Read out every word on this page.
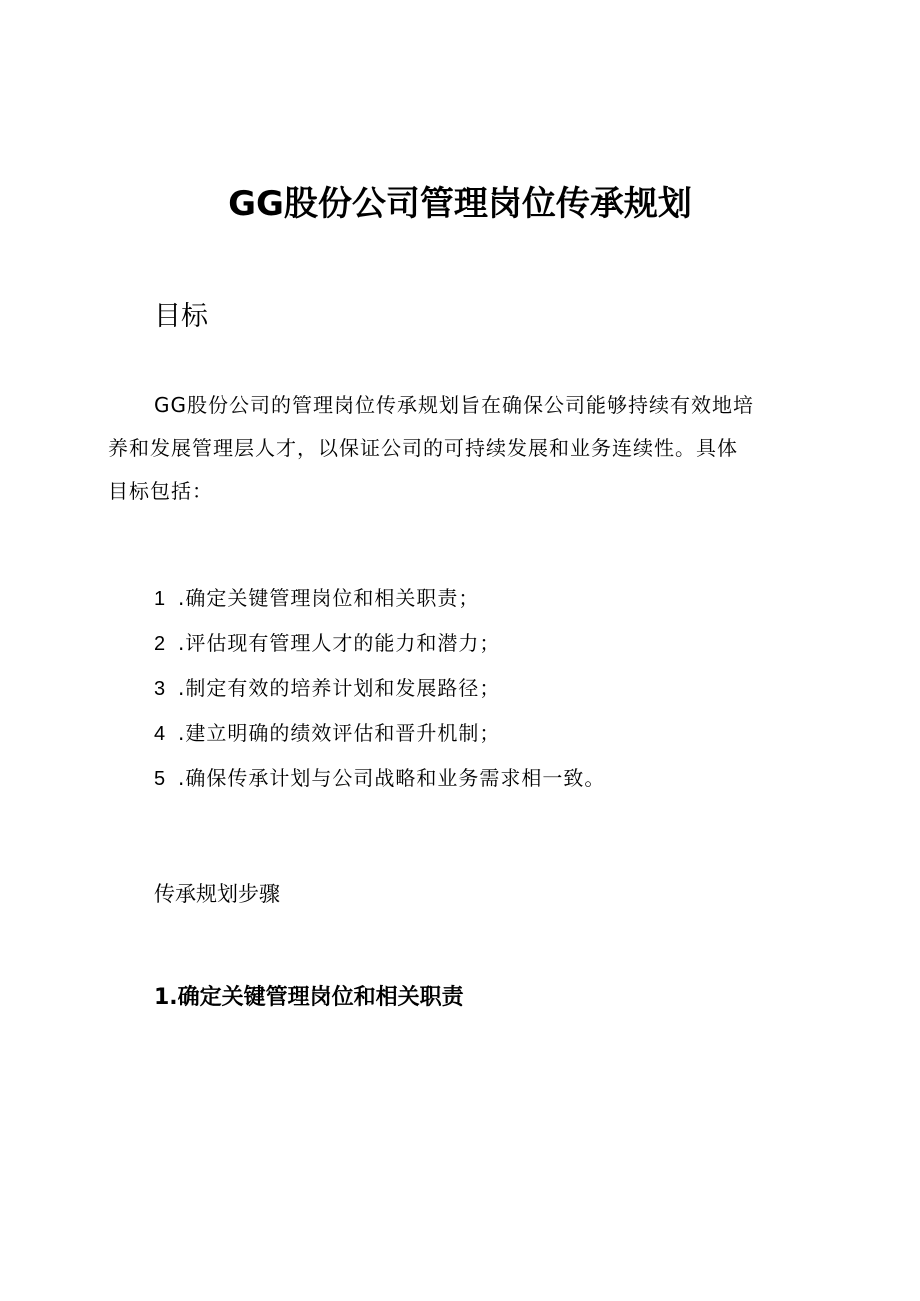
GG股份公司管理岗位传承规划
目标

GG股份公司的管理岗位传承规划旨在确保公司能够持续有效地培
养和发展管理层人才，以保证公司的可持续发展和业务连续性。具体
目标包括：

1 .确定关键管理岗位和相关职责；
2 .评估现有管理人才的能力和潜力；
3 .制定有效的培养计划和发展路径；
4 .建立明确的绩效评估和晋升机制；
5 .确保传承计划与公司战略和业务需求相一致。
传承规划步骤
1.确定关键管理岗位和相关职责
